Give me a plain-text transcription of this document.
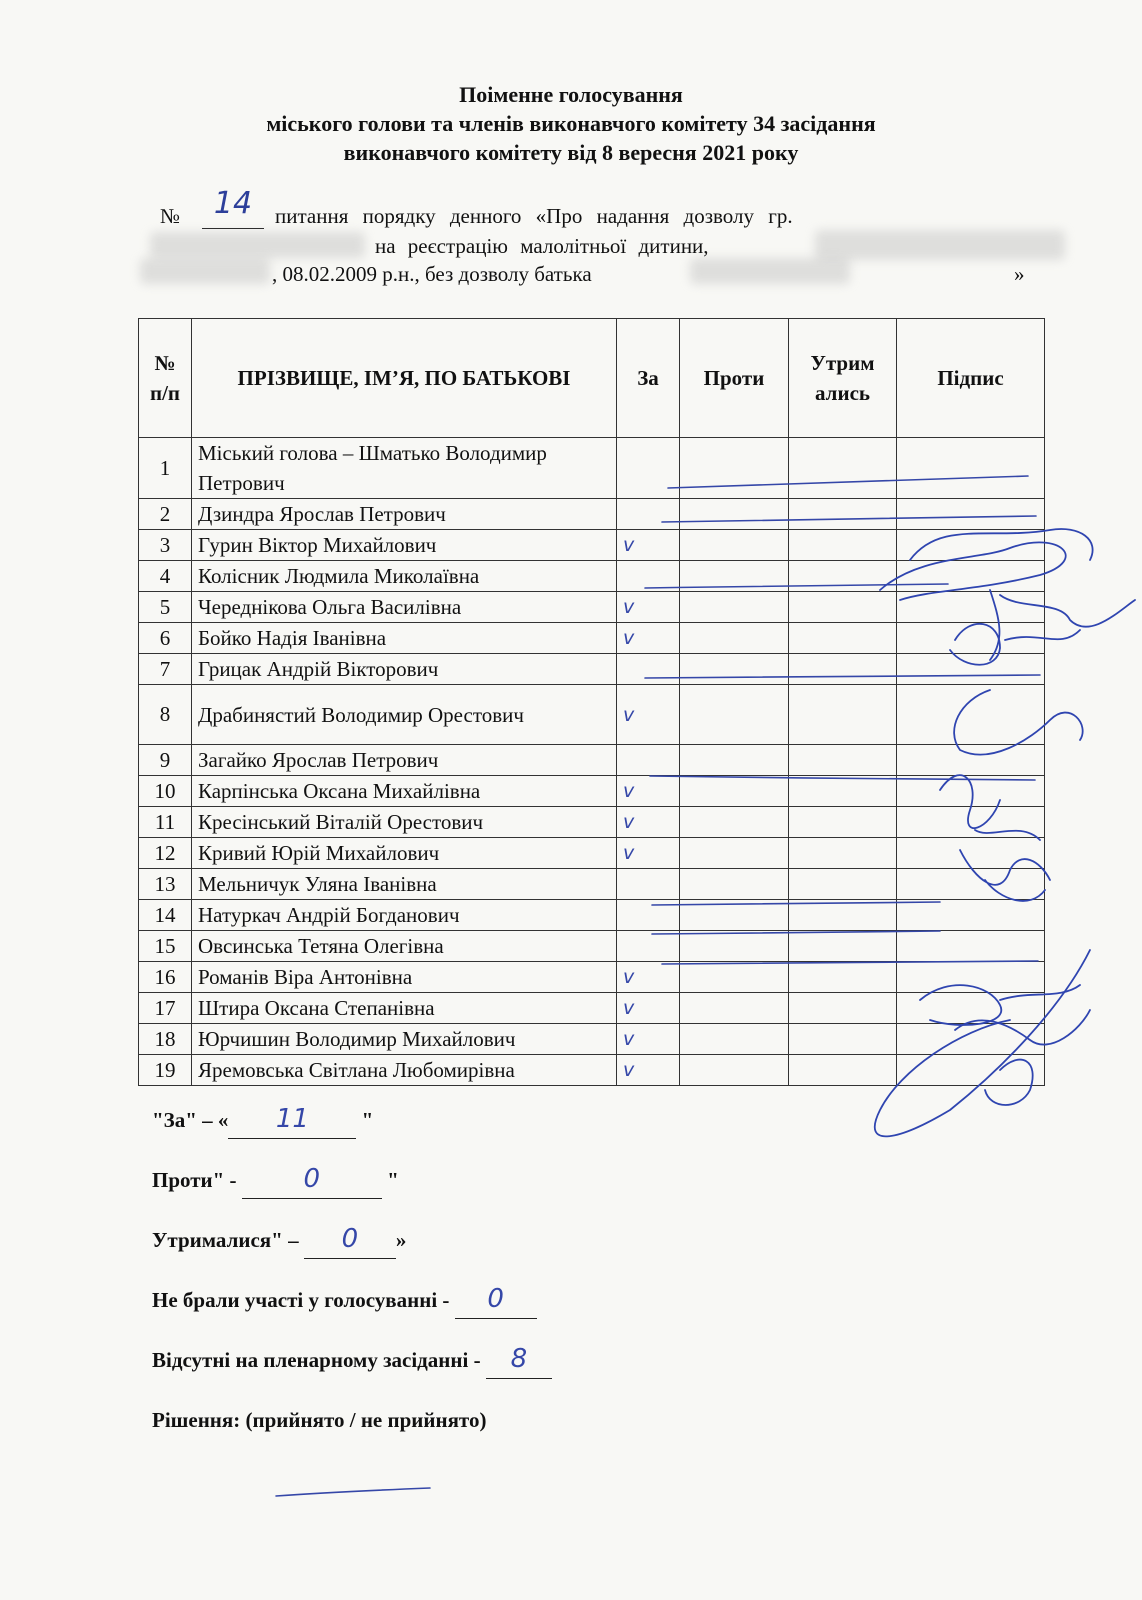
Поіменне голосування
міського голови та членів виконавчого комітету 34 засідання
виконавчого комітету від 8 вересня 2021 року
№	14	питання порядку денного «Про надання дозволу гр.
на реєстрацію малолітньої дитини,
, 08.02.2009 р.н., без дозволу батька	»
№ п/п	ПРІЗВИЩЕ, ІМ’Я, ПО БАТЬКОВІ	За	Проти	Утрим ались	Підпис
1	Міський голова – Шматько Володимир Петрович				
2	Дзиндра Ярослав Петрович				
3	Гурин Віктор Михайлович	v			
4	Колісник Людмила Миколаївна				
5	Череднікова Ольга Василівна	v			
6	Бойко Надія Іванівна	v			
7	Грицак Андрій Вікторович				
8	Драбинястий Володимир Орестович	v			
9	Загайко Ярослав Петрович				
10	Карпінська Оксана Михайлівна	v			
11	Кресінський Віталій Орестович	v			
12	Кривий Юрій Михайлович	v			
13	Мельничук Уляна Іванівна				
14	Натуркач Андрій Богданович				
15	Овсинська Тетяна Олегівна				
16	Романів Віра Антонівна	v			
17	Штира Оксана Степанівна	v			
18	Юрчишин Володимир Михайлович	v			
19	Яремовська Світлана Любомирівна	v			
"За" – « 11 "
Проти" - 0	"
Утрималися" – 0 »
Не брали участі у голосуванні - 0
Відсутні на пленарному засіданні - 8
Рішення: (прийнято / не прийнято)
